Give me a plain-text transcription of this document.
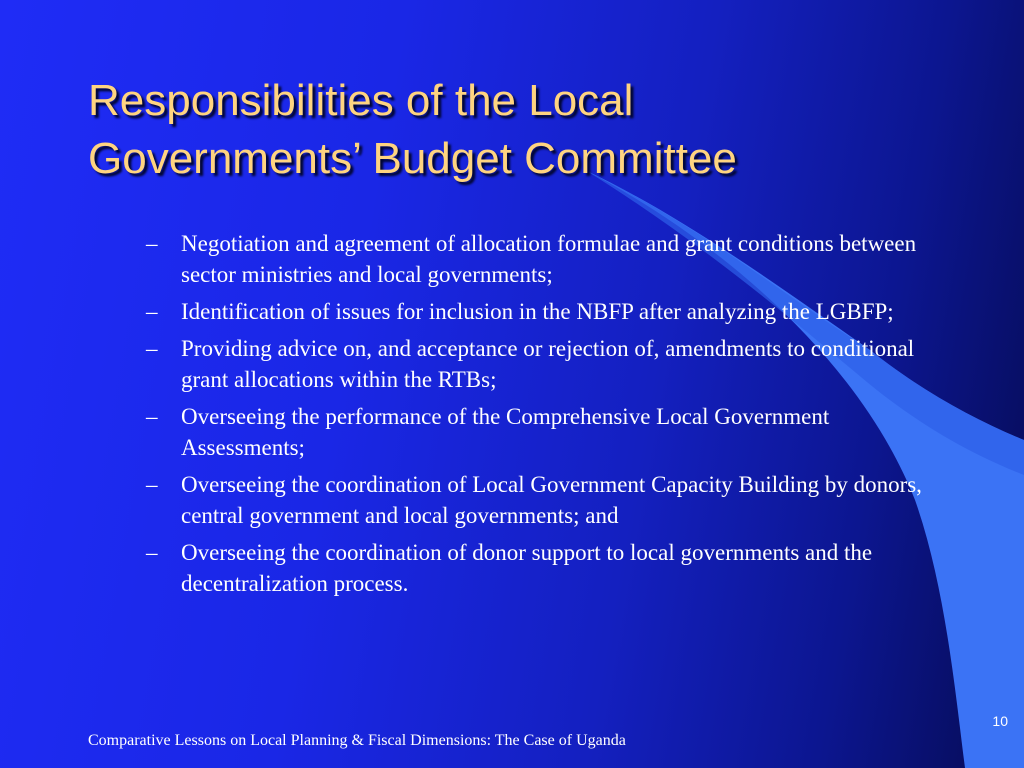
Responsibilities of the Local
Governments’ Budget Committee
– Negotiation and agreement of allocation formulae and grant conditions between sector ministries and local governments;
– Identification of issues for inclusion in the NBFP after analyzing the LGBFP;
– Providing advice on, and acceptance or rejection of, amendments to conditional grant allocations within the RTBs;
– Overseeing the performance of the Comprehensive Local Government Assessments;
– Overseeing the coordination of Local Government Capacity Building by donors, central government and local governments; and
– Overseeing the coordination of donor support to local governments and the decentralization process.
10
Comparative Lessons on Local Planning & Fiscal Dimensions: The Case of Uganda
